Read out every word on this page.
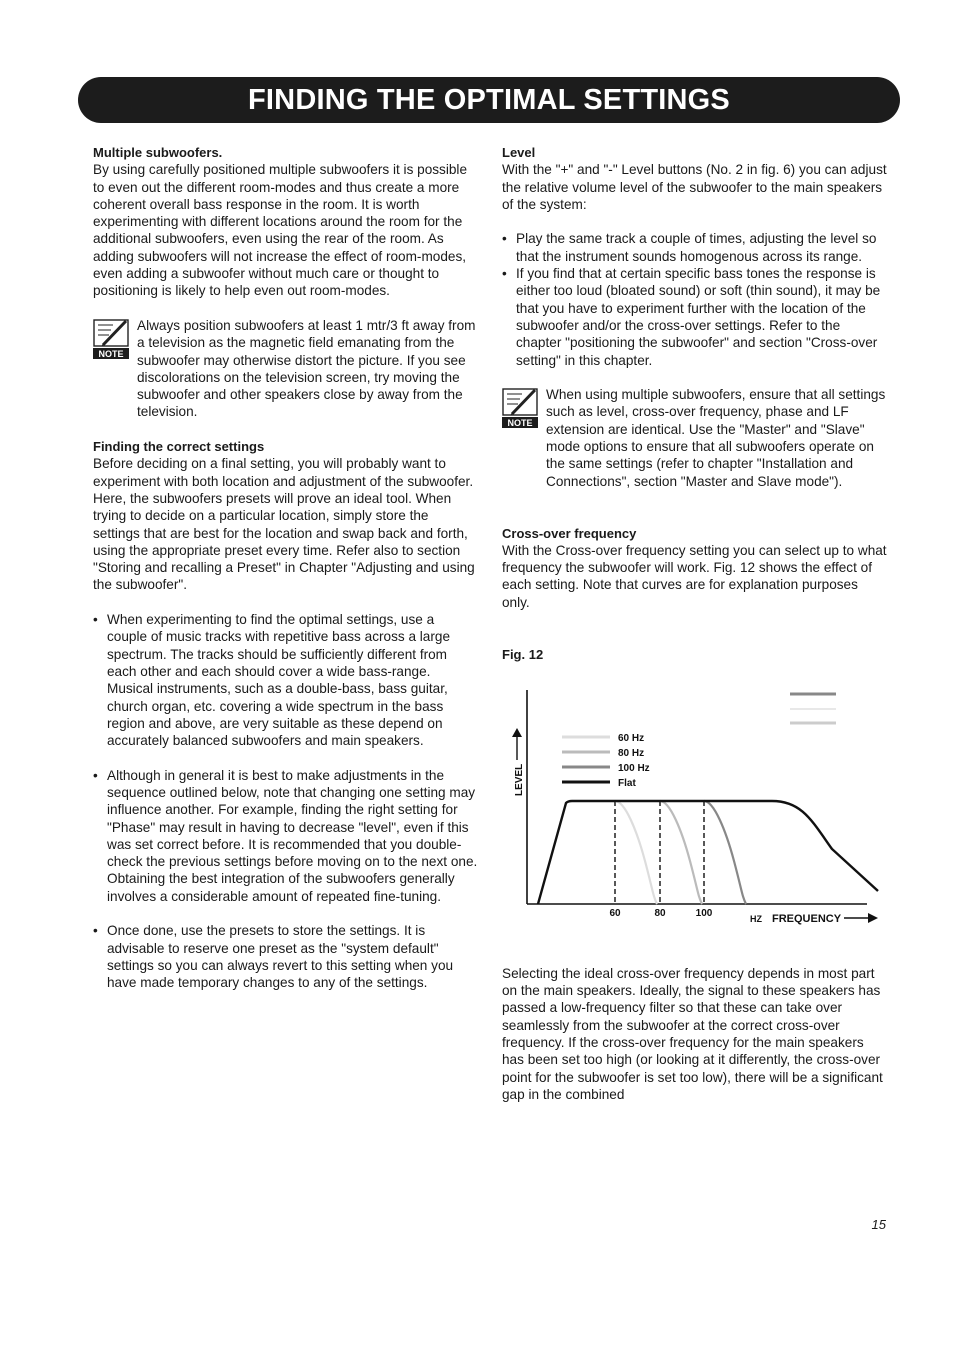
FINDING THE OPTIMAL SETTINGS

Multiple subwoofers.

By using carefully positioned multiple subwoofers it is possible to even out the different room-modes and thus create a more coherent overall bass response in the room. It is worth experimenting with different locations around the room for the additional subwoofers, even using the rear of the room. As adding subwoofers will not increase the effect of room-modes, even adding a subwoofer without much care or thought to positioning is likely to help even out room-modes.

NOTE

Always position subwoofers at least 1 mtr/3 ft away from a television as the magnetic field emanating from the subwoofer may otherwise distort the picture. If you see discolorations on the television screen, try moving the subwoofer and other speakers close by away from the television.

Finding the correct settings

Before deciding on a final setting, you will probably want to experiment with both location and adjustment of the subwoofer. Here, the subwoofers presets will prove an ideal tool. When trying to decide on a particular location, simply store the settings that are best for the location and swap back and forth, using the appropriate preset every time. Refer also to section "Storing and recalling a Preset" in Chapter "Adjusting and using the subwoofer".

• When experimenting to find the optimal settings, use a couple of music tracks with repetitive bass across a large spectrum. The tracks should be sufficiently different from each other and each should cover a wide bass-range. Musical instruments, such as a double-bass, bass guitar, church organ, etc. covering a wide spectrum in the bass region and above, are very suitable as these depend on accurately balanced subwoofers and main speakers.
• Although in general it is best to make adjustments in the sequence outlined below, note that changing one setting may influence another. For example, finding the right setting for "Phase" may result in having to decrease "level", even if this was set correct before. It is recommended that you double-check the previous settings before moving on to the next one. Obtaining the best integration of the subwoofers generally involves a considerable amount of repeated fine-tuning.
• Once done, use the presets to store the settings. It is advisable to reserve one preset as the "system default" settings so you can always revert to this setting when you have made temporary changes to any of the settings.

Level

With the "+" and "-" Level buttons (No. 2 in fig. 6) you can adjust the relative volume level of the subwoofer to the main speakers of the system:

• Play the same track a couple of times, adjusting the level so that the instrument sounds homogenous across its range.
• If you find that at certain specific bass tones the response is either too loud (bloated sound) or soft (thin sound), it may be that you have to experiment further with the location of the subwoofer and/or the cross-over settings. Refer to the chapter "positioning the subwoofer" and section "Cross-over setting" in this chapter.
NOTE

When using multiple subwoofers, ensure that all settings such as level, cross-over frequency, phase and LF extension are identical. Use the "Master" and "Slave" mode options to ensure that all subwoofers operate on the same settings (refer to chapter "Installation and Connections", section "Master and Slave mode").

Cross-over frequency

With the Cross-over frequency setting you can select up to what frequency the subwoofer will work. Fig. 12 shows the effect of each setting. Note that curves are for explanation purposes only.

Fig. 12

LEVEL
60 Hz
80 Hz
100 Hz
Flat
60	80	100	HZ FREQUENCY

Selecting the ideal cross-over frequency depends in most part on the main speakers. Ideally, the signal to these speakers has passed a low-frequency filter so that these can take over seamlessly from the subwoofer at the correct cross-over frequency. If the cross-over frequency for the main speakers has been set too high (or looking at it differently, the cross-over point for the subwoofer is set too low), there will be a significant gap in the combined

15
